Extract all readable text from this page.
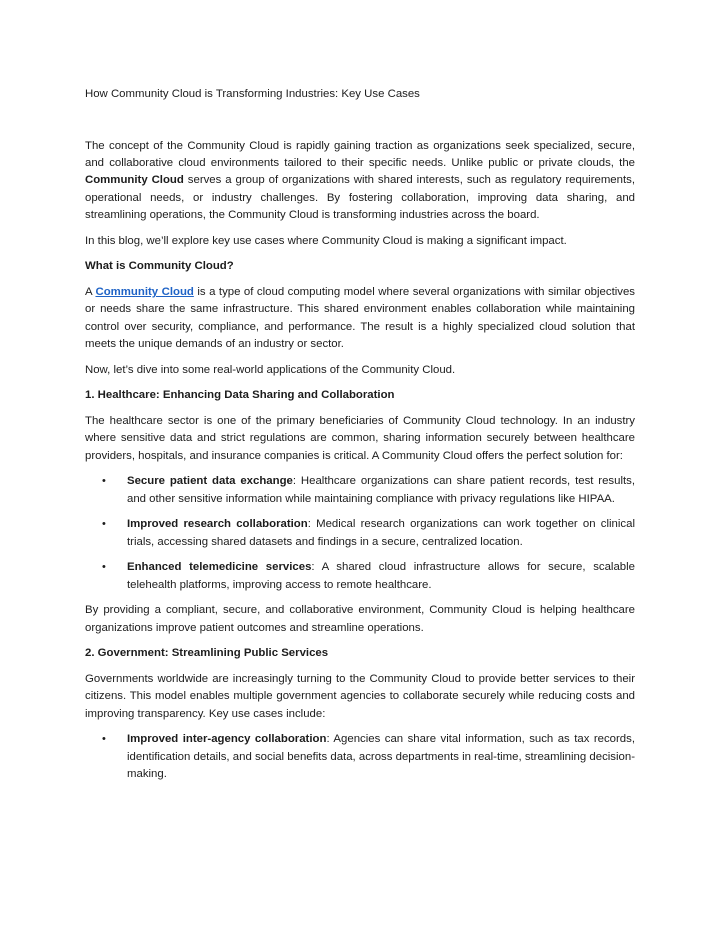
How Community Cloud is Transforming Industries: Key Use Cases

The concept of the Community Cloud is rapidly gaining traction as organizations seek specialized, secure, and collaborative cloud environments tailored to their specific needs. Unlike public or private clouds, the Community Cloud serves a group of organizations with shared interests, such as regulatory requirements, operational needs, or industry challenges. By fostering collaboration, improving data sharing, and streamlining operations, the Community Cloud is transforming industries across the board.

In this blog, we’ll explore key use cases where Community Cloud is making a significant impact.

What is Community Cloud?

A Community Cloud is a type of cloud computing model where several organizations with similar objectives or needs share the same infrastructure. This shared environment enables collaboration while maintaining control over security, compliance, and performance. The result is a highly specialized cloud solution that meets the unique demands of an industry or sector.

Now, let’s dive into some real-world applications of the Community Cloud.

1. Healthcare: Enhancing Data Sharing and Collaboration

The healthcare sector is one of the primary beneficiaries of Community Cloud technology. In an industry where sensitive data and strict regulations are common, sharing information securely between healthcare providers, hospitals, and insurance companies is critical. A Community Cloud offers the perfect solution for:

• Secure patient data exchange: Healthcare organizations can share patient records, test results, and other sensitive information while maintaining compliance with privacy regulations like HIPAA.
• Improved research collaboration: Medical research organizations can work together on clinical trials, accessing shared datasets and findings in a secure, centralized location.
• Enhanced telemedicine services: A shared cloud infrastructure allows for secure, scalable telehealth platforms, improving access to remote healthcare.

By providing a compliant, secure, and collaborative environment, Community Cloud is helping healthcare organizations improve patient outcomes and streamline operations.

2. Government: Streamlining Public Services

Governments worldwide are increasingly turning to the Community Cloud to provide better services to their citizens. This model enables multiple government agencies to collaborate securely while reducing costs and improving transparency. Key use cases include:

• Improved inter-agency collaboration: Agencies can share vital information, such as tax records, identification details, and social benefits data, across departments in real-time, streamlining decision-making.
